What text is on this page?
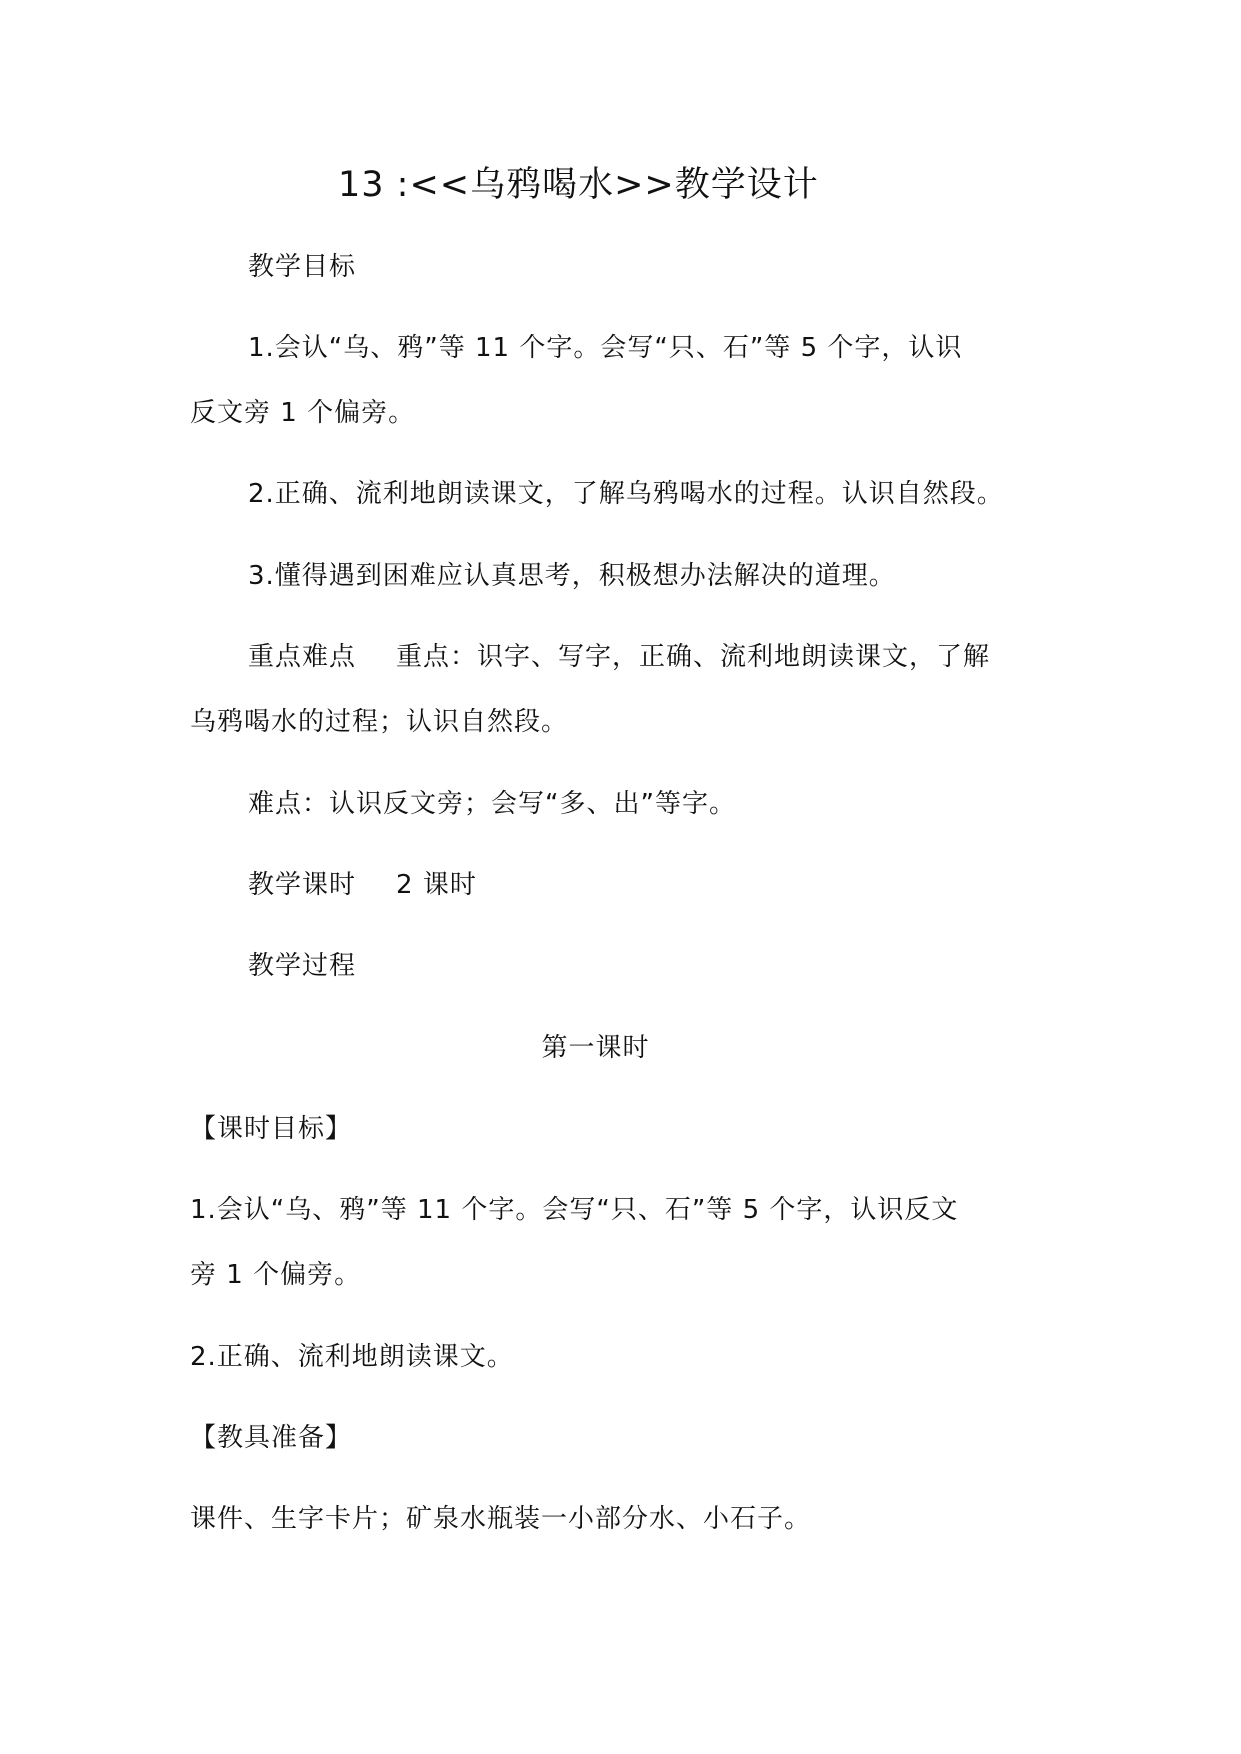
13 :<<乌鸦喝水>>教学设计
教学目标
1.会认“乌、鸦”等 11 个字。会写“只、石”等 5 个字，认识
反文旁 1 个偏旁。
2.正确、流利地朗读课文，了解乌鸦喝水的过程。认识自然段。
3.懂得遇到困难应认真思考，积极想办法解决的道理。
重点难点 重点：识字、写字，正确、流利地朗读课文，了解
乌鸦喝水的过程；认识自然段。
难点：认识反文旁；会写“多、出”等字。
教学课时 2 课时
教学过程
第一课时
【课时目标】
1.会认“乌、鸦”等 11 个字。会写“只、石”等 5 个字，认识反文
旁 1 个偏旁。
2.正确、流利地朗读课文。
【教具准备】
课件、生字卡片；矿泉水瓶装一小部分水、小石子。
